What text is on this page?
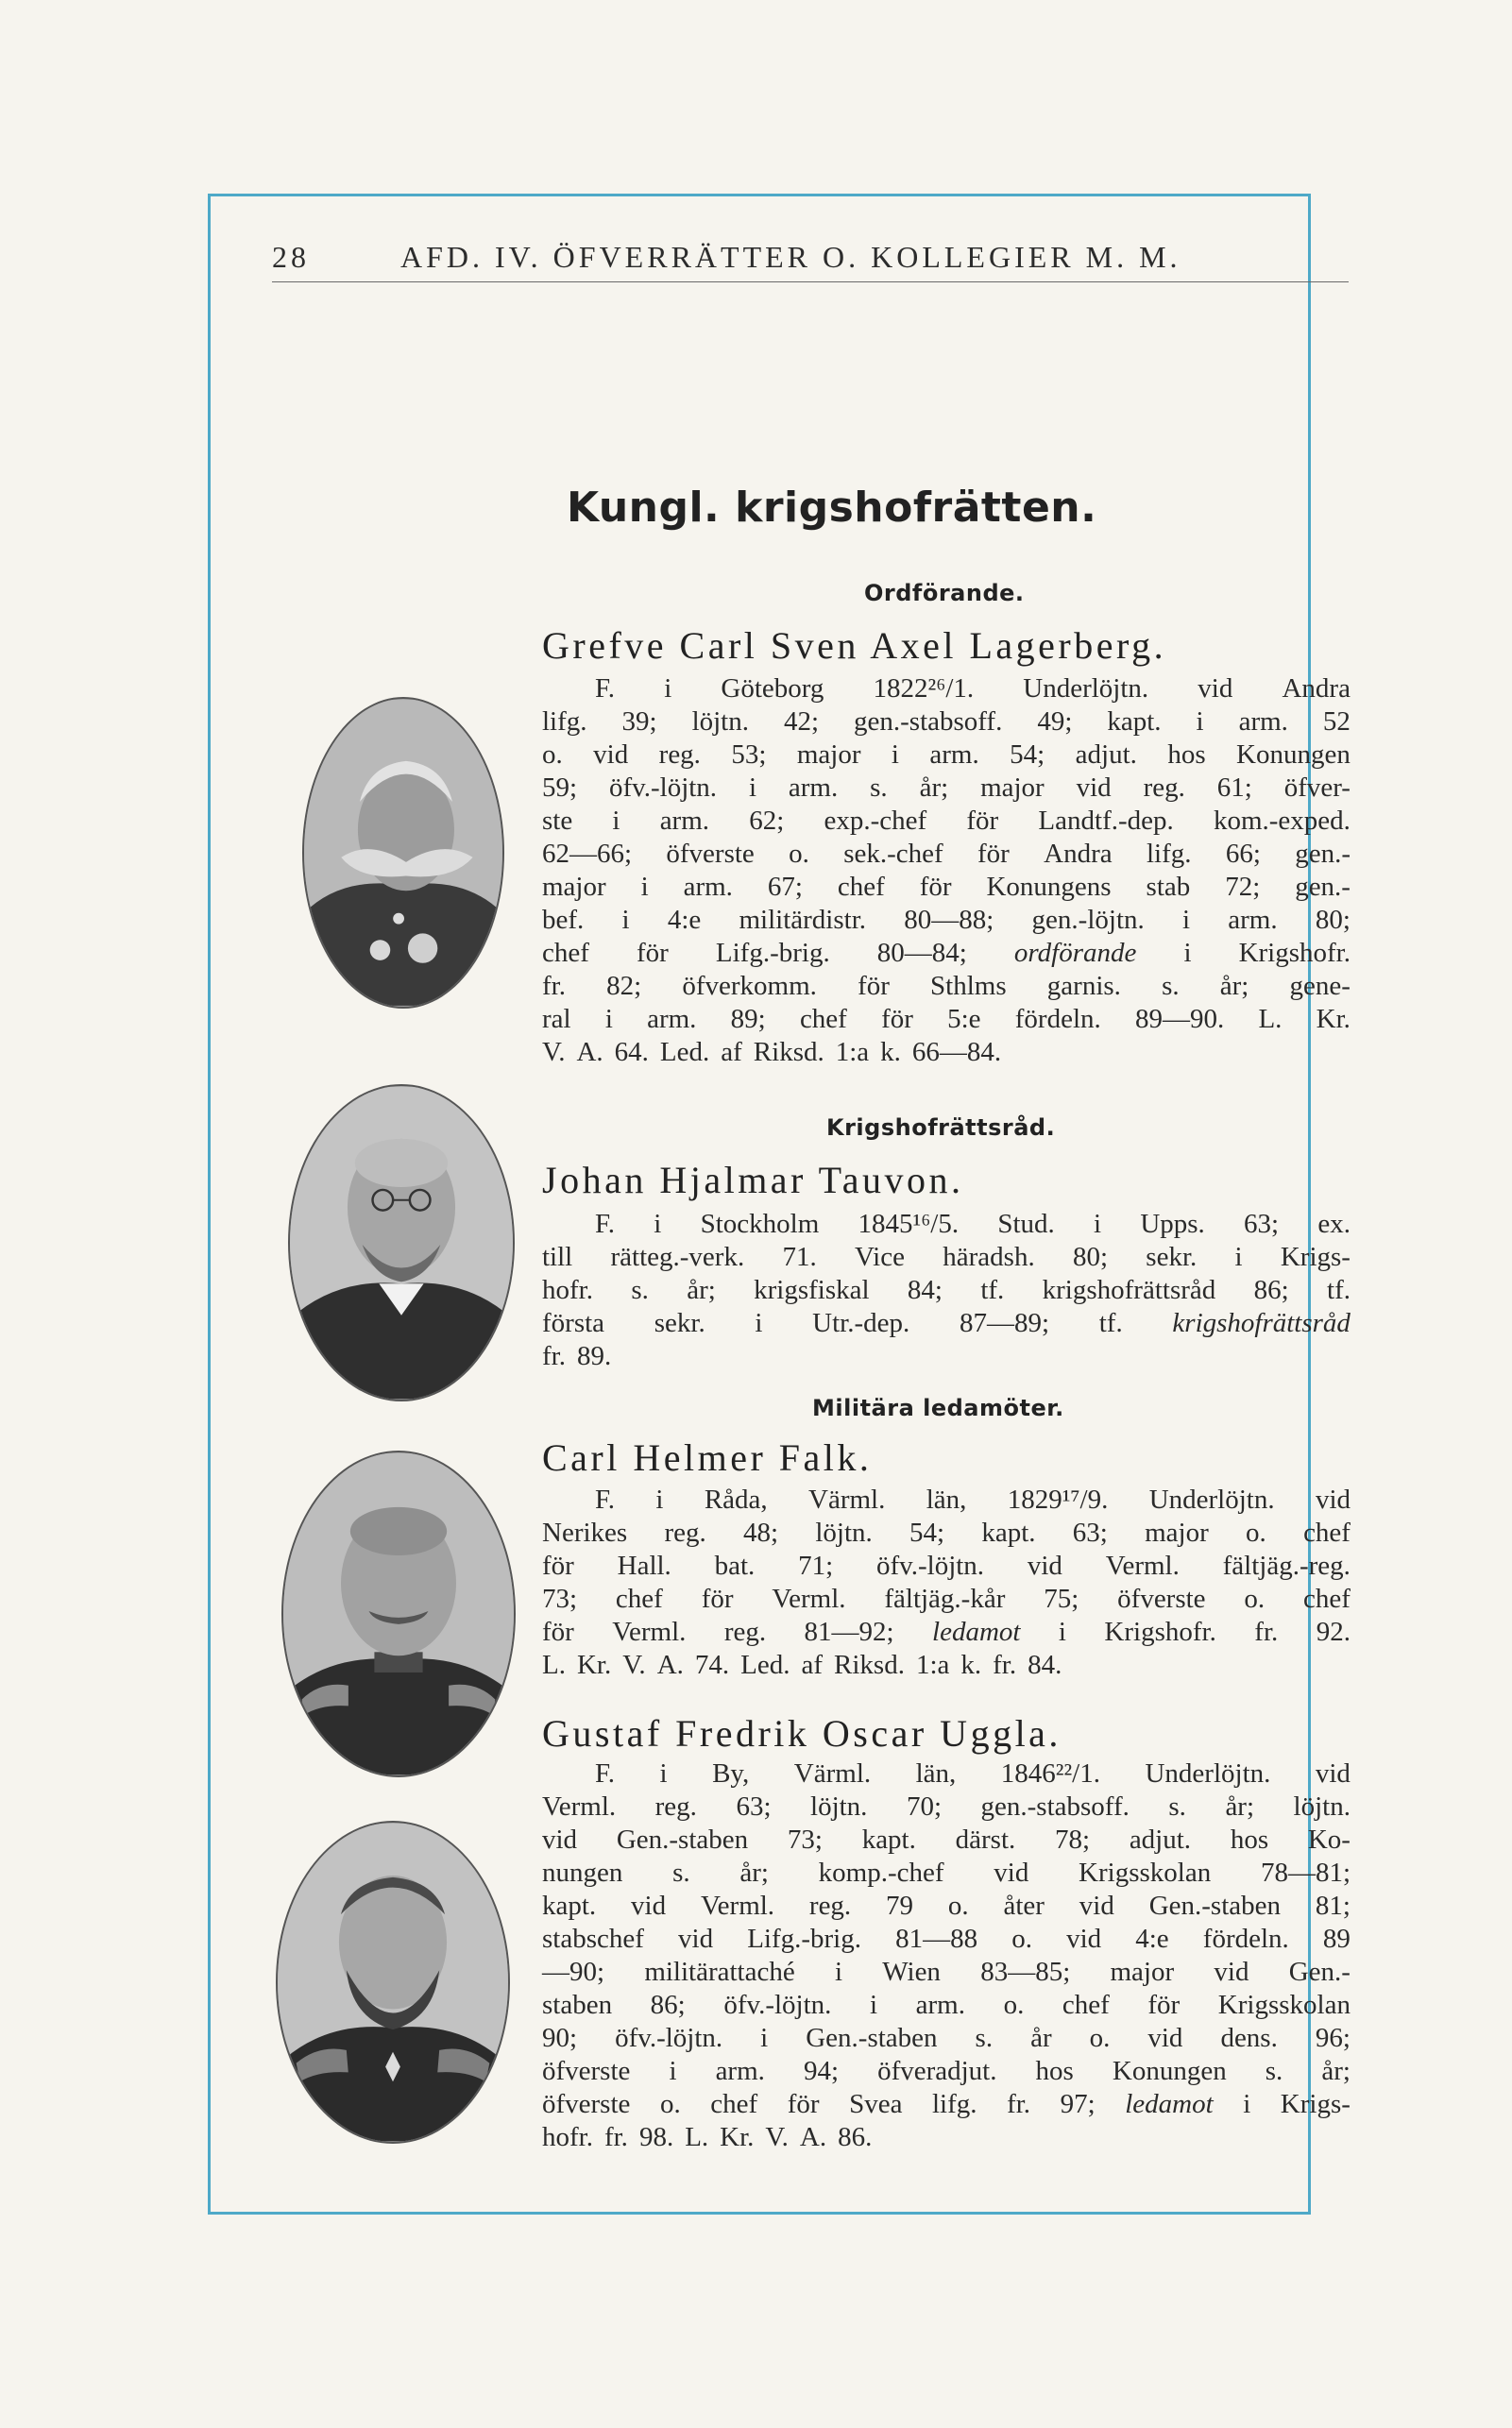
28	AFD. IV. ÖFVERRÄTTER O. KOLLEGIER M. M.
Kungl. krigshofrätten.
Ordförande.
Grefve Carl Sven Axel Lagerberg.
F. i Göteborg 1822²⁶/1. Underlöjtn. vid Andra
lifg. 39; löjtn. 42; gen.-stabsoff. 49; kapt. i arm. 52
o. vid reg. 53; major i arm. 54; adjut. hos Konungen
59; öfv.-löjtn. i arm. s. år; major vid reg. 61; öfver-
ste i arm. 62; exp.-chef för Landtf.-dep. kom.-exped.
62—66; öfverste o. sek.-chef för Andra lifg. 66; gen.-
major i arm. 67; chef för Konungens stab 72; gen.-
bef. i 4:e militärdistr. 80—88; gen.-löjtn. i arm. 80;
chef för Lifg.-brig. 80—84; ordförande i Krigshofr.
fr. 82; öfverkomm. för Sthlms garnis. s. år; gene-
ral i arm. 89; chef för 5:e fördeln. 89—90. L. Kr.
V. A. 64. Led. af Riksd. 1:a k. 66—84.
Krigshofrättsråd.
Johan Hjalmar Tauvon.
F. i Stockholm 1845¹⁶/5. Stud. i Upps. 63; ex.
till rätteg.-verk. 71. Vice häradsh. 80; sekr. i Krigs-
hofr. s. år; krigsfiskal 84; tf. krigshofrättsråd 86; tf.
första sekr. i Utr.-dep. 87—89; tf. krigshofrättsråd
fr. 89.
Militära ledamöter.
Carl Helmer Falk.
F. i Råda, Värml. län, 1829¹⁷/9. Underlöjtn. vid
Nerikes reg. 48; löjtn. 54; kapt. 63; major o. chef
för Hall. bat. 71; öfv.-löjtn. vid Verml. fältjäg.-reg.
73; chef för Verml. fältjäg.-kår 75; öfverste o. chef
för Verml. reg. 81—92; ledamot i Krigshofr. fr. 92.
L. Kr. V. A. 74. Led. af Riksd. 1:a k. fr. 84.
Gustaf Fredrik Oscar Uggla.
F. i By, Värml. län, 1846²²/1. Underlöjtn. vid
Verml. reg. 63; löjtn. 70; gen.-stabsoff. s. år; löjtn.
vid Gen.-staben 73; kapt. därst. 78; adjut. hos Ko-
nungen s. år; komp.-chef vid Krigsskolan 78—81;
kapt. vid Verml. reg. 79 o. åter vid Gen.-staben 81;
stabschef vid Lifg.-brig. 81—88 o. vid 4:e fördeln. 89
—90; militärattaché i Wien 83—85; major vid Gen.-
staben 86; öfv.-löjtn. i arm. o. chef för Krigsskolan
90; öfv.-löjtn. i Gen.-staben s. år o. vid dens. 96;
öfverste i arm. 94; öfveradjut. hos Konungen s. år;
öfverste o. chef för Svea lifg. fr. 97; ledamot i Krigs-
hofr. fr. 98. L. Kr. V. A. 86.
